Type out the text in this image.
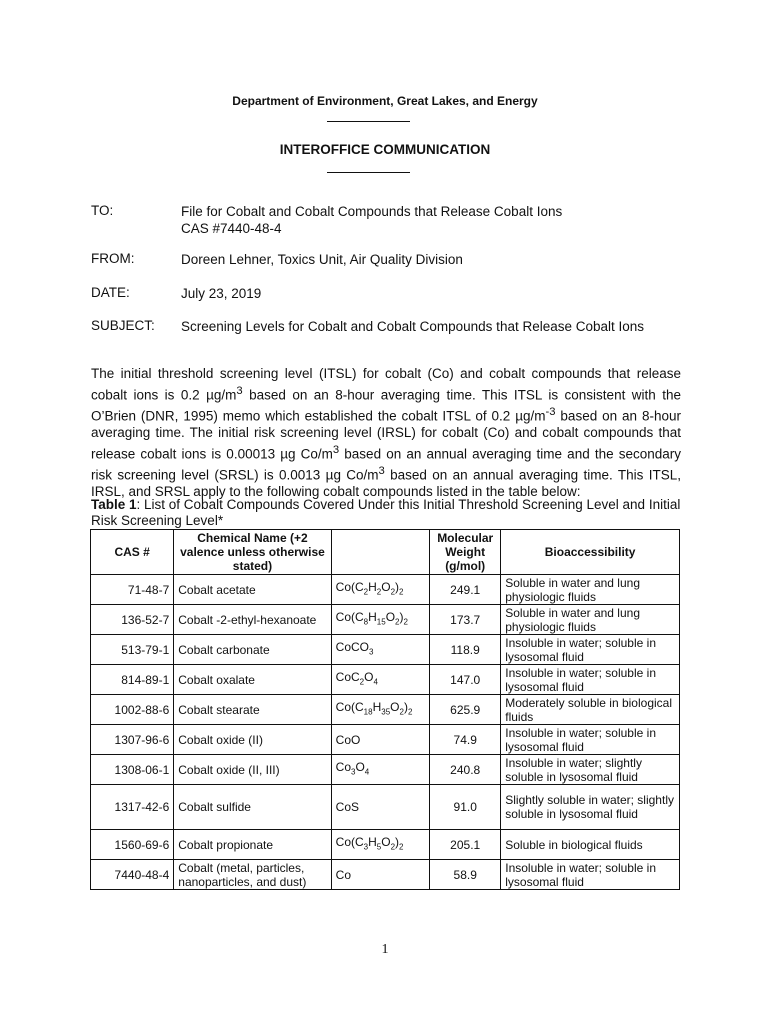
Department of Environment, Great Lakes, and Energy
INTEROFFICE COMMUNICATION
TO:	File for Cobalt and Cobalt Compounds that Release Cobalt Ions
CAS #7440-48-4
FROM:	Doreen Lehner, Toxics Unit, Air Quality Division
DATE:	July 23, 2019
SUBJECT: Screening Levels for Cobalt and Cobalt Compounds that Release Cobalt Ions
The initial threshold screening level (ITSL) for cobalt (Co) and cobalt compounds that release cobalt ions is 0.2 $\mu g/m^3$ based on an 8-hour averaging time. This ITSL is consistent with the O’Brien (DNR, 1995) memo which established the cobalt ITSL of 0.2 $\mu g/m^{-3}$ based on an 8-hour averaging time. The initial risk screening level (IRSL) for cobalt (Co) and cobalt compounds that release cobalt ions is 0.00013 µg $Co/m^3$ based on an annual averaging time and the secondary risk screening level (SRSL) is 0.0013 µg $Co/m^3$ based on an annual averaging time. This ITSL, IRSL, and SRSL apply to the following cobalt compounds listed in the table below:
Table 1: List of Cobalt Compounds Covered Under this Initial Threshold Screening Level and Initial Risk Screening Level*
CAS #	Chemical Name (+2 valence unless otherwise stated)		Molecular Weight (g/mol)	Bioaccessibility
71-48-7	Cobalt acetate	$Co(C_2H_2O_2)_2$	249.1	Soluble in water and lung physiologic fluids
136-52-7	Cobalt -2-ethyl-hexanoate	$Co(C_8H_{15}O_2)_2$	173.7	Soluble in water and lung physiologic fluids
513-79-1	Cobalt carbonate	CoCO$_3$	118.9	Insoluble in water; soluble in lysosomal fluid
814-89-1	Cobalt oxalate	$CoC_2O_4$	147.0	Insoluble in water; soluble in lysosomal fluid
1002-88-6	Cobalt stearate	$Co(C_{18}H_{35}O_2)_2$	625.9	Moderately soluble in biological fluids
1307-96-6	Cobalt oxide (II)	CoO	74.9	Insoluble in water; soluble in lysosomal fluid
1308-06-1	Cobalt oxide (II, III)	$Co_3O_4$	240.8	Insoluble in water; slightly soluble in lysosomal fluid
1317-42-6	Cobalt sulfide	CoS	91.0	Slightly soluble in water; slightly soluble in lysosomal fluid
1560-69-6	Cobalt propionate	$Co(C_3H_5O_2)_2$	205.1	Soluble in biological fluids
7440-48-4	Cobalt (metal, particles, nanoparticles, and dust)	Co	58.9	Insoluble in water; soluble in lysosomal fluid
1
